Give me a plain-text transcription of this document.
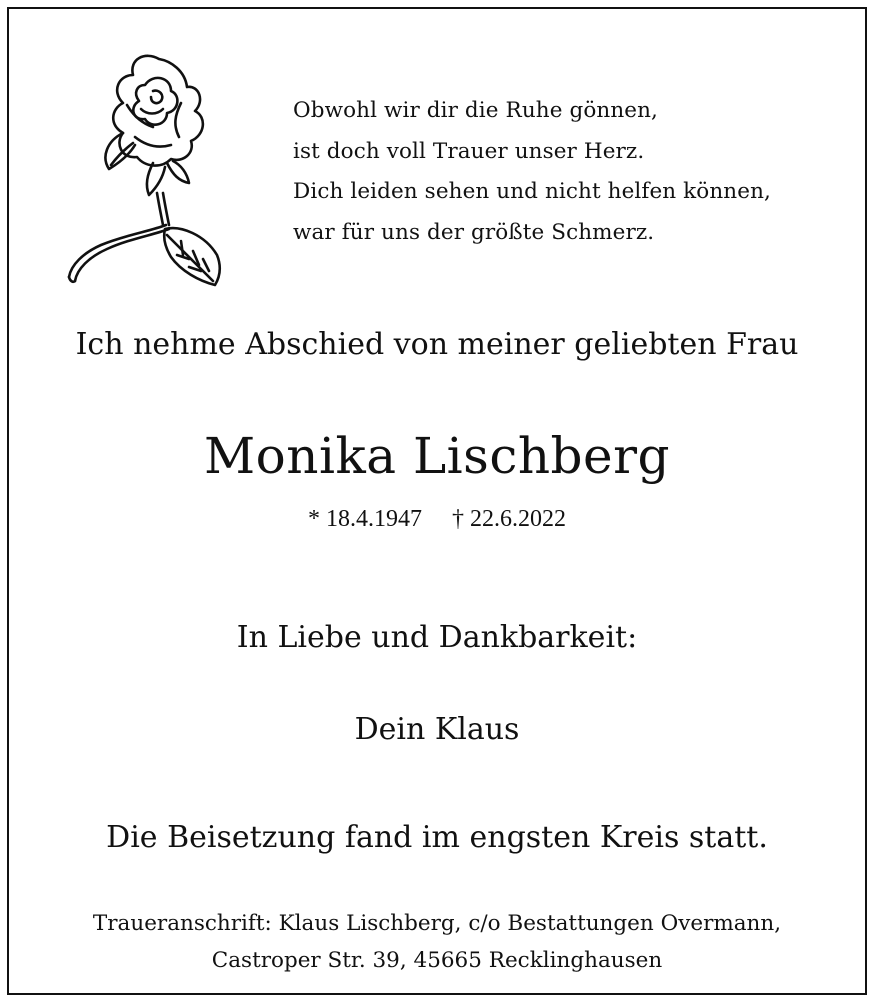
Obwohl wir dir die Ruhe gönnen,
ist doch voll Trauer unser Herz.
Dich leiden sehen und nicht helfen können,
war für uns der größte Schmerz.
Ich nehme Abschied von meiner geliebten Frau
Monika Lischberg
* 18.4.1947 † 22.6.2022
In Liebe und Dankbarkeit:
Dein Klaus
Die Beisetzung fand im engsten Kreis statt.
Traueranschrift: Klaus Lischberg, c/o Bestattungen Overmann,
Castroper Str. 39, 45665 Recklinghausen
